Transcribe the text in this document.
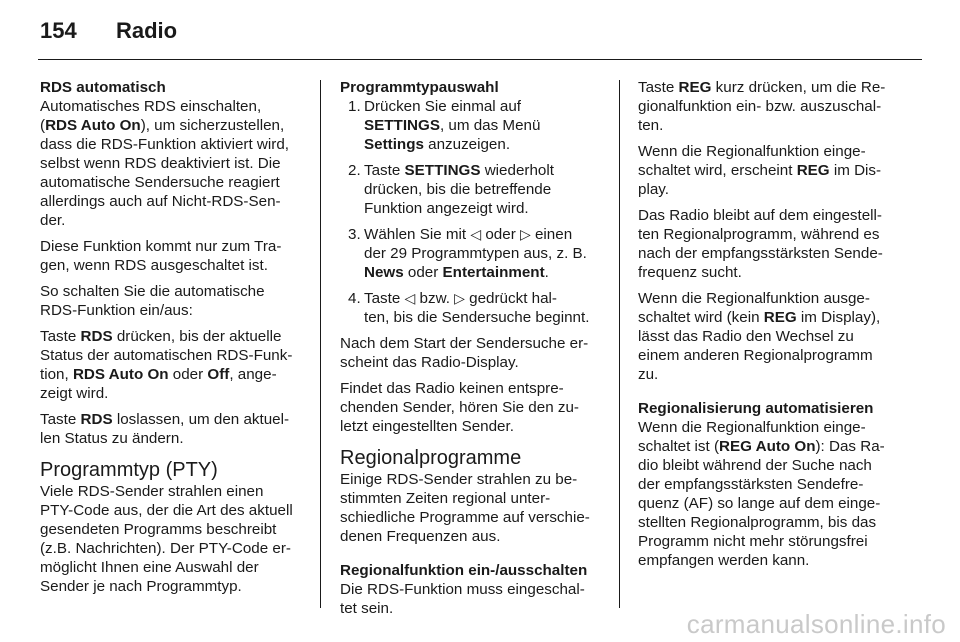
154	Radio
RDS automatisch

Automatisches RDS einschalten,
(RDS Auto On), um sicherzustellen,
dass die RDS-Funktion aktiviert wird,
selbst wenn RDS deaktiviert ist. Die
automatische Sendersuche reagiert
allerdings auch auf Nicht-RDS-Sen-
der.

Diese Funktion kommt nur zum Tra-
gen, wenn RDS ausgeschaltet ist.

So schalten Sie die automatische
RDS-Funktion ein/aus:

Taste RDS drücken, bis der aktuelle
Status der automatischen RDS-Funk-
tion, RDS Auto On oder Off, ange-
zeigt wird.

Taste RDS loslassen, um den aktuel-
len Status zu ändern.

Programmtyp (PTY)

Viele RDS-Sender strahlen einen
PTY-Code aus, der die Art des aktuell
gesendeten Programms beschreibt
(z.B. Nachrichten). Der PTY-Code er-
möglicht Ihnen eine Auswahl der
Sender je nach Programmtyp.

Programmtypauswahl
1. Drücken Sie einmal auf
SETTINGS, um das Menü
Settings anzuzeigen.
2. Taste SETTINGS wiederholt
drücken, bis die betreffende
Funktion angezeigt wird.
3. Wählen Sie mit ◁ oder ▷ einen
der 29 Programmtypen aus, z. B.
News oder Entertainment.
4. Taste ◁ bzw. ▷ gedrückt hal-
ten, bis die Sendersuche beginnt.

Nach dem Start der Sendersuche er-
scheint das Radio-Display.

Findet das Radio keinen entspre-
chenden Sender, hören Sie den zu-
letzt eingestellten Sender.

Regionalprogramme

Einige RDS-Sender strahlen zu be-
stimmten Zeiten regional unter-
schiedliche Programme auf verschie-
denen Frequenzen aus.

Regionalfunktion ein-/ausschalten

Die RDS-Funktion muss eingeschal-
tet sein.

Taste REG kurz drücken, um die Re-
gionalfunktion ein- bzw. auszuschal-
ten.

Wenn die Regionalfunktion einge-
schaltet wird, erscheint REG im Dis-
play.

Das Radio bleibt auf dem eingestell-
ten Regionalprogramm, während es
nach der empfangsstärksten Sende-
frequenz sucht.

Wenn die Regionalfunktion ausge-
schaltet wird (kein REG im Display),
lässt das Radio den Wechsel zu
einem anderen Regionalprogramm
zu.

Regionalisierung automatisieren

Wenn die Regionalfunktion einge-
schaltet ist (REG Auto On): Das Ra-
dio bleibt während der Suche nach
der empfangsstärksten Sendefre-
quenz (AF) so lange auf dem einge-
stellten Regionalprogramm, bis das
Programm nicht mehr störungsfrei
empfangen werden kann.

carmanualsonline.info
